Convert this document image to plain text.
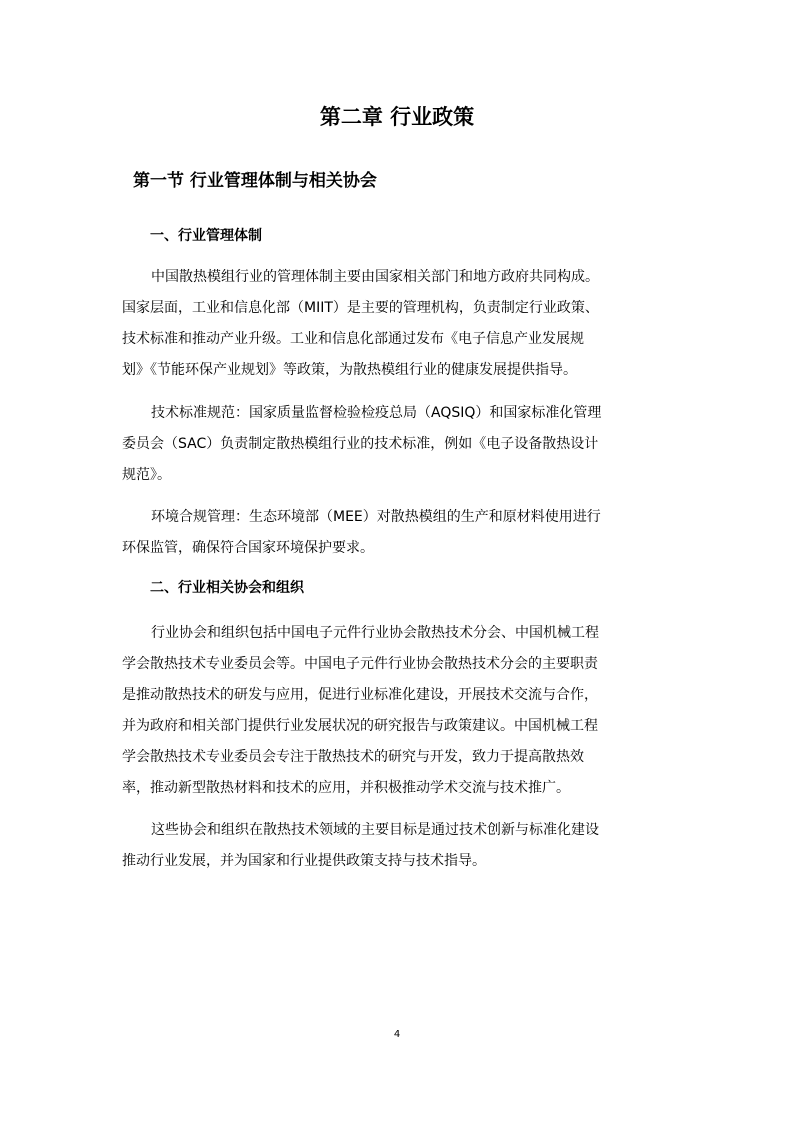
第二章 行业政策
第一节 行业管理体制与相关协会
一、行业管理体制
中国散热模组行业的管理体制主要由国家相关部门和地方政府共同构成。
国家层面，工业和信息化部（MIIT）是主要的管理机构，负责制定行业政策、
技术标准和推动产业升级。工业和信息化部通过发布《电子信息产业发展规
划》《节能环保产业规划》等政策，为散热模组行业的健康发展提供指导。
技术标准规范：国家质量监督检验检疫总局（AQSIQ）和国家标准化管理
委员会（SAC）负责制定散热模组行业的技术标准，例如《电子设备散热设计
规范》。
环境合规管理：生态环境部（MEE）对散热模组的生产和原材料使用进行
环保监管，确保符合国家环境保护要求。
二、行业相关协会和组织
行业协会和组织包括中国电子元件行业协会散热技术分会、中国机械工程
学会散热技术专业委员会等。中国电子元件行业协会散热技术分会的主要职责
是推动散热技术的研发与应用，促进行业标准化建设，开展技术交流与合作，
并为政府和相关部门提供行业发展状况的研究报告与政策建议。中国机械工程
学会散热技术专业委员会专注于散热技术的研究与开发，致力于提高散热效
率，推动新型散热材料和技术的应用，并积极推动学术交流与技术推广。
这些协会和组织在散热技术领域的主要目标是通过技术创新与标准化建设
推动行业发展，并为国家和行业提供政策支持与技术指导。
4
